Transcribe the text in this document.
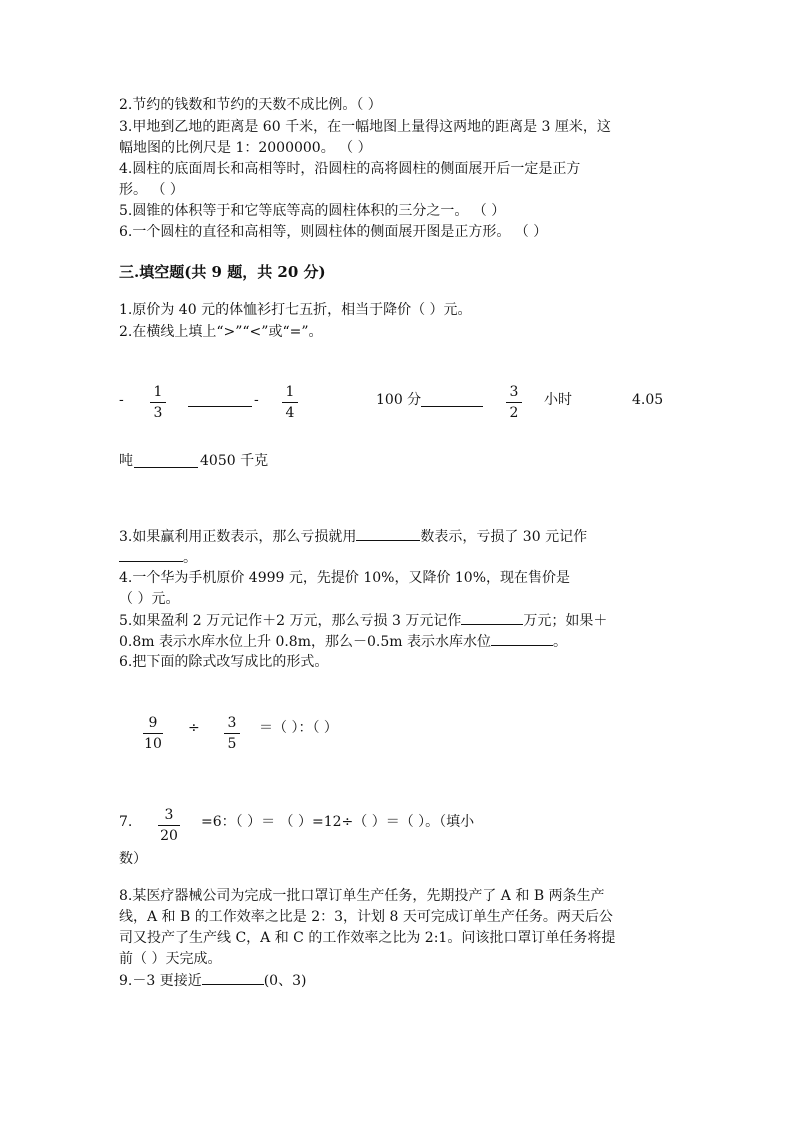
2.节约的钱数和节约的天数不成比例。（ ）
3.甲地到乙地的距离是 60 千米，在一幅地图上量得这两地的距离是 3 厘米，这
幅地图的比例尺是 1：2000000。 （ ）
4.圆柱的底面周长和高相等时，沿圆柱的高将圆柱的侧面展开后一定是正方
形。 （ ）
5.圆锥的体积等于和它等底等高的圆柱体积的三分之一。 （ ）
6.一个圆柱的直径和高相等，则圆柱体的侧面展开图是正方形。 （ ）
三.填空题(共 9 题，共 20 分)
1.原价为 40 元的体恤衫打七五折，相当于降价（ ）元。
2.在横线上填上“>”“<”或“=”。
- 1
3
- 1
4
100 分	3
2
小时	4.05
吨	4050 千克
3.如果赢利用正数表示，那么亏损就用	数表示，亏损了 30 元记作
。
4.一个华为手机原价 4999 元，先提价 10%，又降价 10%，现在售价是
（ ）元。
5.如果盈利 2 万元记作＋2 万元，那么亏损 3 万元记作	万元；如果＋
0.8m 表示水库水位上升 0.8m，那么－0.5m 表示水库水位	。
6.把下面的除式改写成比的形式。
9
10
÷ 3
5
＝（ ）：（ ）
7.	3
20
=6：（ ）＝ （ ）=12÷（ ）＝（ ）。（填小
数）
8.某医疗器械公司为完成一批口罩订单生产任务，先期投产了 A 和 B 两条生产
线，A 和 B 的工作效率之比是 2：3，计划 8 天可完成订单生产任务。两天后公
司又投产了生产线 C，A 和 C 的工作效率之比为 2:1。问该批口罩订单任务将提
前（ ）天完成。
9.－3 更接近	(0、3)
